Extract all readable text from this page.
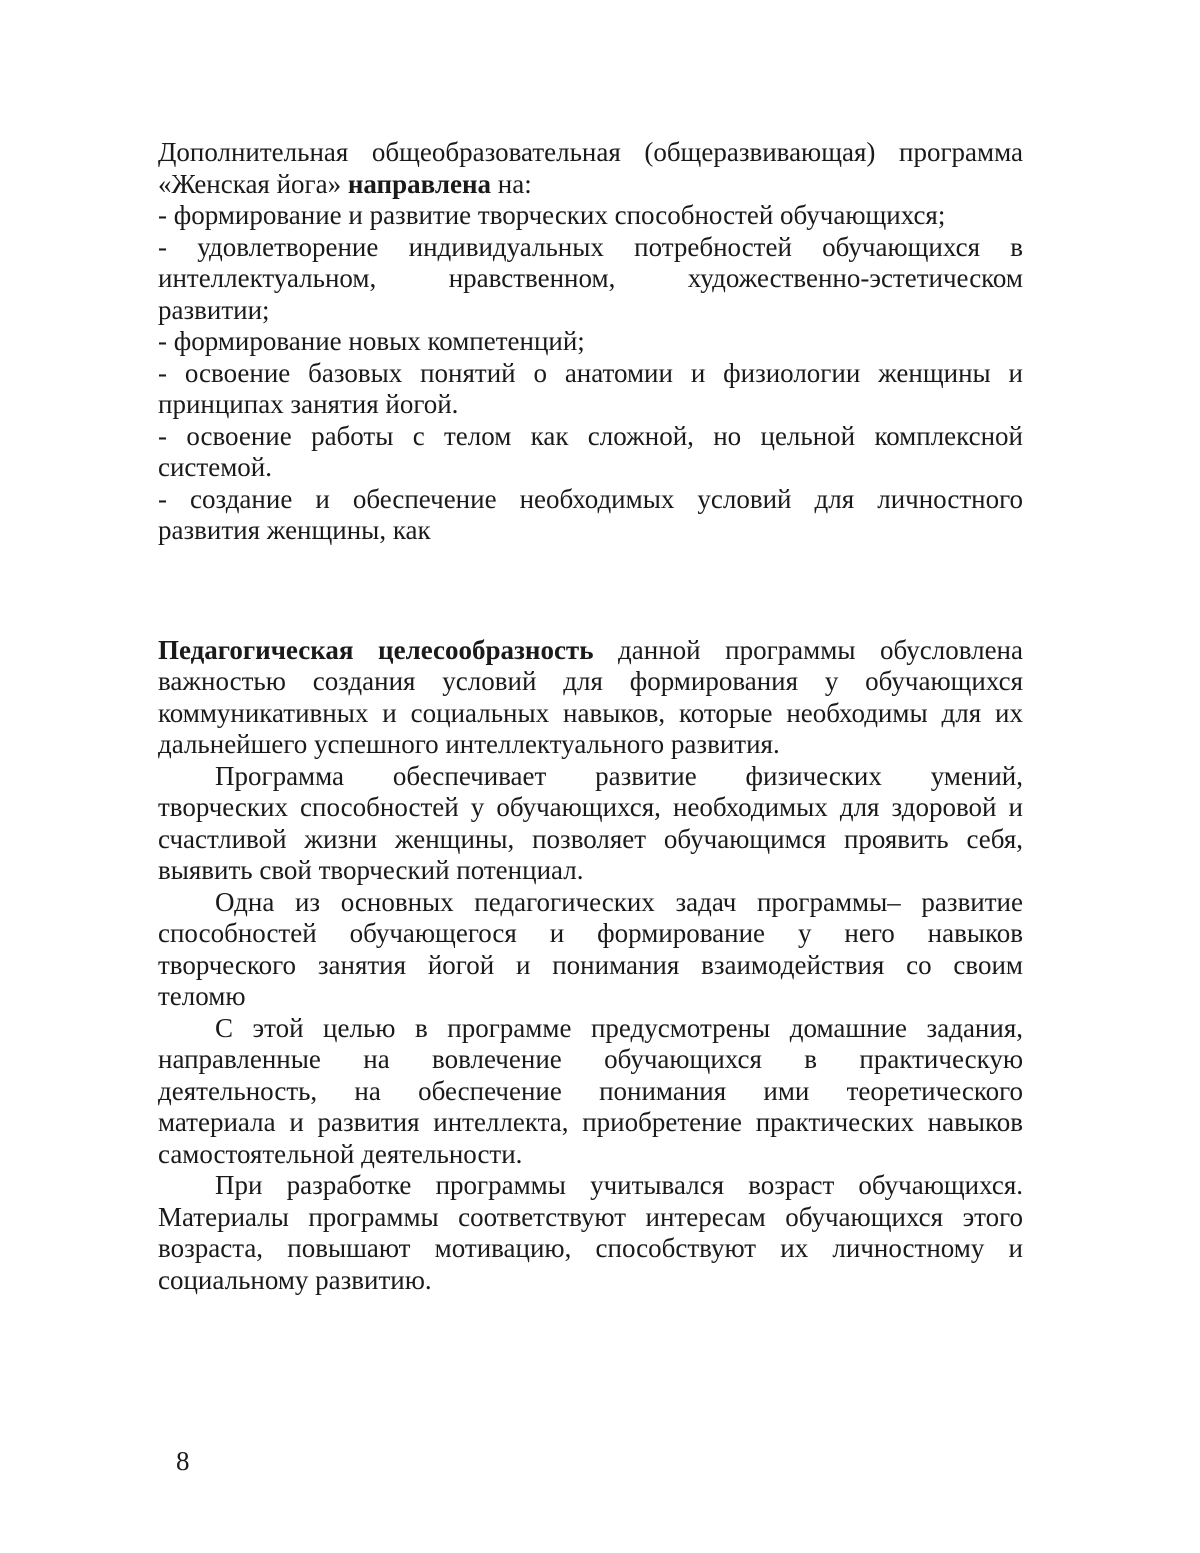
Дополнительная общеобразовательная (общеразвивающая) программа
«Женская йога» направлена на:
- формирование и развитие творческих способностей обучающихся;
- удовлетворение индивидуальных потребностей обучающихся в
интеллектуальном, нравственном, художественно-эстетическом
развитии;
- формирование новых компетенций;
- освоение базовых понятий о анатомии и физиологии женщины и
принципах занятия йогой.
- освоение работы с телом как сложной, но цельной комплексной
системой.
- создание и обеспечение необходимых условий для личностного
развития женщины, как
Педагогическая целесообразность данной программы обусловлена
важностью создания условий для формирования у обучающихся
коммуникативных и социальных навыков, которые необходимы для их
дальнейшего успешного интеллектуального развития.
Программа обеспечивает развитие физических умений,
творческих способностей у обучающихся, необходимых для здоровой и
счастливой жизни женщины, позволяет обучающимся проявить себя,
выявить свой творческий потенциал.
Одна из основных педагогических задач программы– развитие
способностей обучающегося и формирование у него навыков
творческого занятия йогой и понимания взаимодействия со своим
теломю
С этой целью в программе предусмотрены домашние задания,
направленные на вовлечение обучающихся в практическую
деятельность, на обеспечение понимания ими теоретического
материала и развития интеллекта, приобретение практических навыков
самостоятельной деятельности.
При разработке программы учитывался возраст обучающихся.
Материалы программы соответствуют интересам обучающихся этого
возраста, повышают мотивацию, способствуют их личностному и
социальному развитию.
8
